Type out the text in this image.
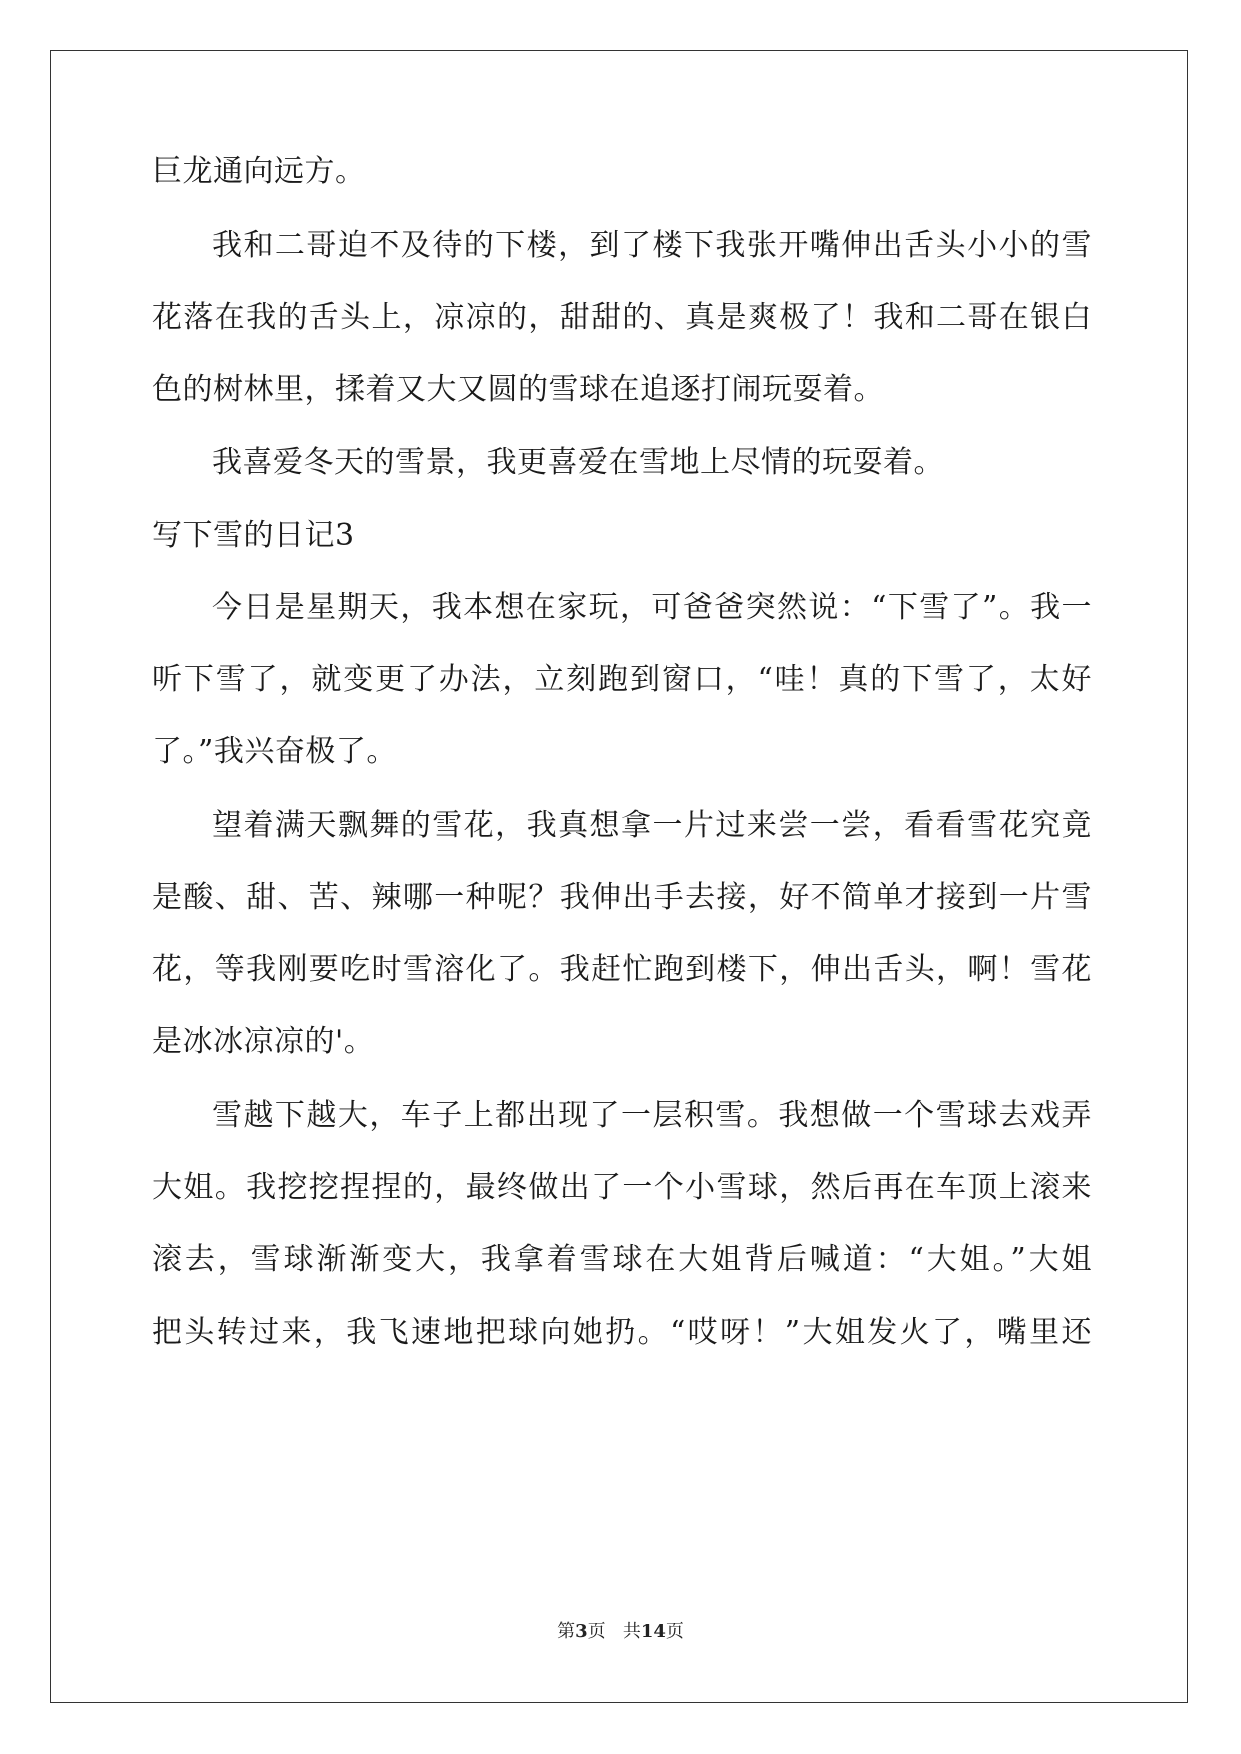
巨龙通向远方。
我和二哥迫不及待的下楼，到了楼下我张开嘴伸出舌头小小的雪
花落在我的舌头上，凉凉的，甜甜的、真是爽极了！我和二哥在银白
色的树林里，揉着又大又圆的雪球在追逐打闹玩耍着。
我喜爱冬天的雪景，我更喜爱在雪地上尽情的玩耍着。
写下雪的日记3
今日是星期天，我本想在家玩，可爸爸突然说：“下雪了”。我一
听下雪了，就变更了办法，立刻跑到窗口，“哇！真的下雪了，太好
了。”我兴奋极了。
望着满天飘舞的雪花，我真想拿一片过来尝一尝，看看雪花究竟
是酸、甜、苦、辣哪一种呢？我伸出手去接，好不简单才接到一片雪
花，等我刚要吃时雪溶化了。我赶忙跑到楼下，伸出舌头，啊！雪花
是冰冰凉凉的'。
雪越下越大，车子上都出现了一层积雪。我想做一个雪球去戏弄
大姐。我挖挖捏捏的，最终做出了一个小雪球，然后再在车顶上滚来
滚去，雪球渐渐变大，我拿着雪球在大姐背后喊道：“大姐。”大姐
把头转过来，我飞速地把球向她扔。“哎呀！”大姐发火了，嘴里还
第3页 共14页
